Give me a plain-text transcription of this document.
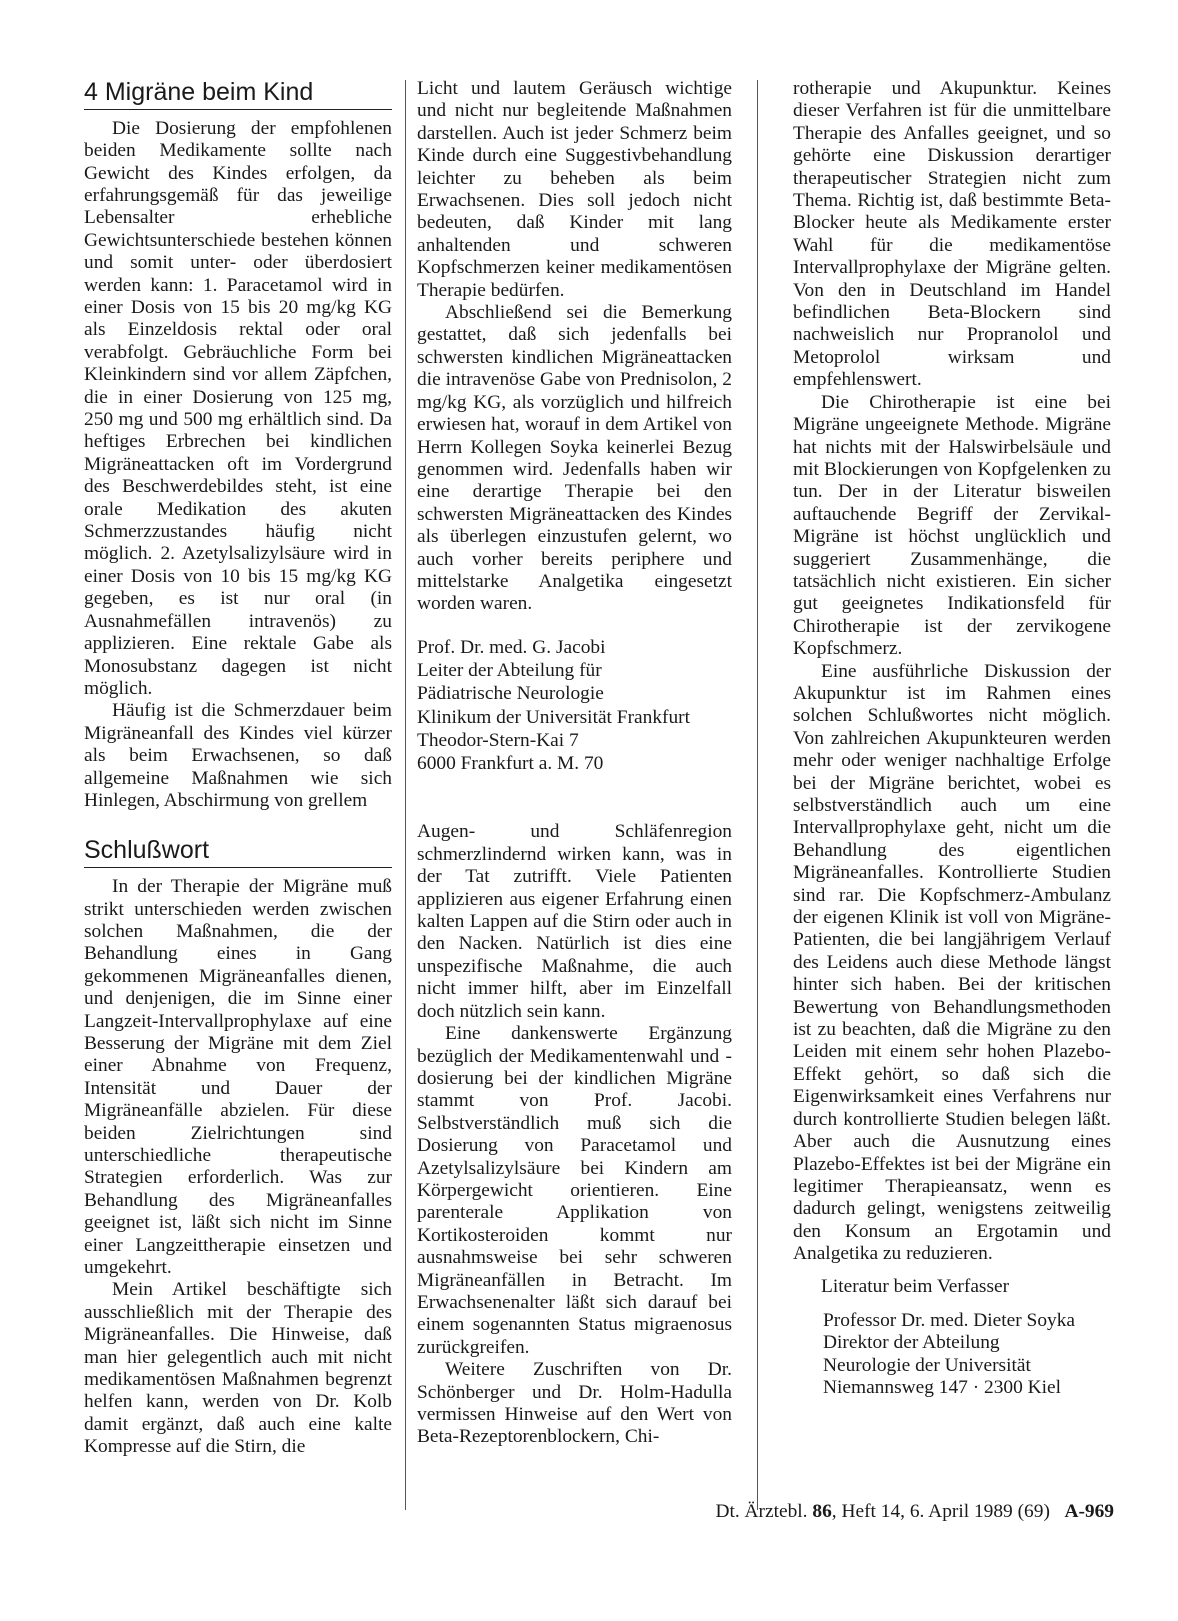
4 Migräne beim Kind

Die Dosierung der empfohlenen beiden Medikamente sollte nach Gewicht des Kindes erfolgen, da erfahrungsgemäß für das jeweilige Lebensalter erhebliche Gewichtsunterschiede bestehen können und somit unter- oder überdosiert werden kann: 1. Paracetamol wird in einer Dosis von 15 bis 20 mg/kg KG als Einzeldosis rektal oder oral verabfolgt. Gebräuchliche Form bei Kleinkindern sind vor allem Zäpfchen, die in einer Dosierung von 125 mg, 250 mg und 500 mg erhältlich sind. Da heftiges Erbrechen bei kindlichen Migräneattacken oft im Vordergrund des Beschwerdebildes steht, ist eine orale Medikation des akuten Schmerzzustandes häufig nicht möglich. 2. Azetylsalizylsäure wird in einer Dosis von 10 bis 15 mg/kg KG gegeben, es ist nur oral (in Ausnahmefällen intravenös) zu applizieren. Eine rektale Gabe als Monosubstanz dagegen ist nicht möglich.

Häufig ist die Schmerzdauer beim Migräneanfall des Kindes viel kürzer als beim Erwachsenen, so daß allgemeine Maßnahmen wie sich Hinlegen, Abschirmung von grellem

Schlußwort

In der Therapie der Migräne muß strikt unterschieden werden zwischen solchen Maßnahmen, die der Behandlung eines in Gang gekommenen Migräneanfalles dienen, und denjenigen, die im Sinne einer Langzeit-Intervallprophylaxe auf eine Besserung der Migräne mit dem Ziel einer Abnahme von Frequenz, Intensität und Dauer der Migräneanfälle abzielen. Für diese beiden Zielrichtungen sind unterschiedliche therapeutische Strategien erforderlich. Was zur Behandlung des Migräneanfalles geeignet ist, läßt sich nicht im Sinne einer Langzeittherapie einsetzen und umgekehrt.

Mein Artikel beschäftigte sich ausschließlich mit der Therapie des Migräneanfalles. Die Hinweise, daß man hier gelegentlich auch mit nicht medikamentösen Maßnahmen begrenzt helfen kann, werden von Dr. Kolb damit ergänzt, daß auch eine kalte Kompresse auf die Stirn, die

Licht und lautem Geräusch wichtige und nicht nur begleitende Maßnahmen darstellen. Auch ist jeder Schmerz beim Kinde durch eine Suggestivbehandlung leichter zu beheben als beim Erwachsenen. Dies soll jedoch nicht bedeuten, daß Kinder mit lang anhaltenden und schweren Kopfschmerzen keiner medikamentösen Therapie bedürfen.

Abschließend sei die Bemerkung gestattet, daß sich jedenfalls bei schwersten kindlichen Migräneattacken die intravenöse Gabe von Prednisolon, 2 mg/kg KG, als vorzüglich und hilfreich erwiesen hat, worauf in dem Artikel von Herrn Kollegen Soyka keinerlei Bezug genommen wird. Jedenfalls haben wir eine derartige Therapie bei den schwersten Migräneattacken des Kindes als überlegen einzustufen gelernt, wo auch vorher bereits periphere und mittelstarke Analgetika eingesetzt worden waren.

Prof. Dr. med. G. Jacobi
Leiter der Abteilung für
Pädiatrische Neurologie
Klinikum der Universität Frankfurt
Theodor-Stern-Kai 7
6000 Frankfurt a. M. 70

Augen- und Schläfenregion schmerzlindernd wirken kann, was in der Tat zutrifft. Viele Patienten applizieren aus eigener Erfahrung einen kalten Lappen auf die Stirn oder auch in den Nacken. Natürlich ist dies eine unspezifische Maßnahme, die auch nicht immer hilft, aber im Einzelfall doch nützlich sein kann.

Eine dankenswerte Ergänzung bezüglich der Medikamentenwahl und -dosierung bei der kindlichen Migräne stammt von Prof. Jacobi. Selbstverständlich muß sich die Dosierung von Paracetamol und Azetylsalizylsäure bei Kindern am Körpergewicht orientieren. Eine parenterale Applikation von Kortikosteroiden kommt nur ausnahmsweise bei sehr schweren Migräneanfällen in Betracht. Im Erwachsenenalter läßt sich darauf bei einem sogenannten Status migraenosus zurückgreifen.

Weitere Zuschriften von Dr. Schönberger und Dr. Holm-Hadulla vermissen Hinweise auf den Wert von Beta-Rezeptorenblockern, Chi-

rotherapie und Akupunktur. Keines dieser Verfahren ist für die unmittelbare Therapie des Anfalles geeignet, und so gehörte eine Diskussion derartiger therapeutischer Strategien nicht zum Thema. Richtig ist, daß bestimmte Beta-Blocker heute als Medikamente erster Wahl für die medikamentöse Intervallprophylaxe der Migräne gelten. Von den in Deutschland im Handel befindlichen Beta-Blockern sind nachweislich nur Propranolol und Metoprolol wirksam und empfehlenswert.

Die Chirotherapie ist eine bei Migräne ungeeignete Methode. Migräne hat nichts mit der Halswirbelsäule und mit Blockierungen von Kopfgelenken zu tun. Der in der Literatur bisweilen auftauchende Begriff der Zervikal-Migräne ist höchst unglücklich und suggeriert Zusammenhänge, die tatsächlich nicht existieren. Ein sicher gut geeignetes Indikationsfeld für Chirotherapie ist der zervikogene Kopfschmerz.

Eine ausführliche Diskussion der Akupunktur ist im Rahmen eines solchen Schlußwortes nicht möglich. Von zahlreichen Akupunkteuren werden mehr oder weniger nachhaltige Erfolge bei der Migräne berichtet, wobei es selbstverständlich auch um eine Intervallprophylaxe geht, nicht um die Behandlung des eigentlichen Migräneanfalles. Kontrollierte Studien sind rar. Die Kopfschmerz-Ambulanz der eigenen Klinik ist voll von Migräne-Patienten, die bei langjährigem Verlauf des Leidens auch diese Methode längst hinter sich haben. Bei der kritischen Bewertung von Behandlungsmethoden ist zu beachten, daß die Migräne zu den Leiden mit einem sehr hohen Plazebo-Effekt gehört, so daß sich die Eigenwirksamkeit eines Verfahrens nur durch kontrollierte Studien belegen läßt. Aber auch die Ausnutzung eines Plazebo-Effektes ist bei der Migräne ein legitimer Therapieansatz, wenn es dadurch gelingt, wenigstens zeitweilig den Konsum an Ergotamin und Analgetika zu reduzieren.

Literatur beim Verfasser

Professor Dr. med. Dieter Soyka
Direktor der Abteilung
Neurologie der Universität
Niemannsweg 147 · 2300 Kiel
Dt. Ärztebl. 86, Heft 14, 6. April 1989 (69) A-969
